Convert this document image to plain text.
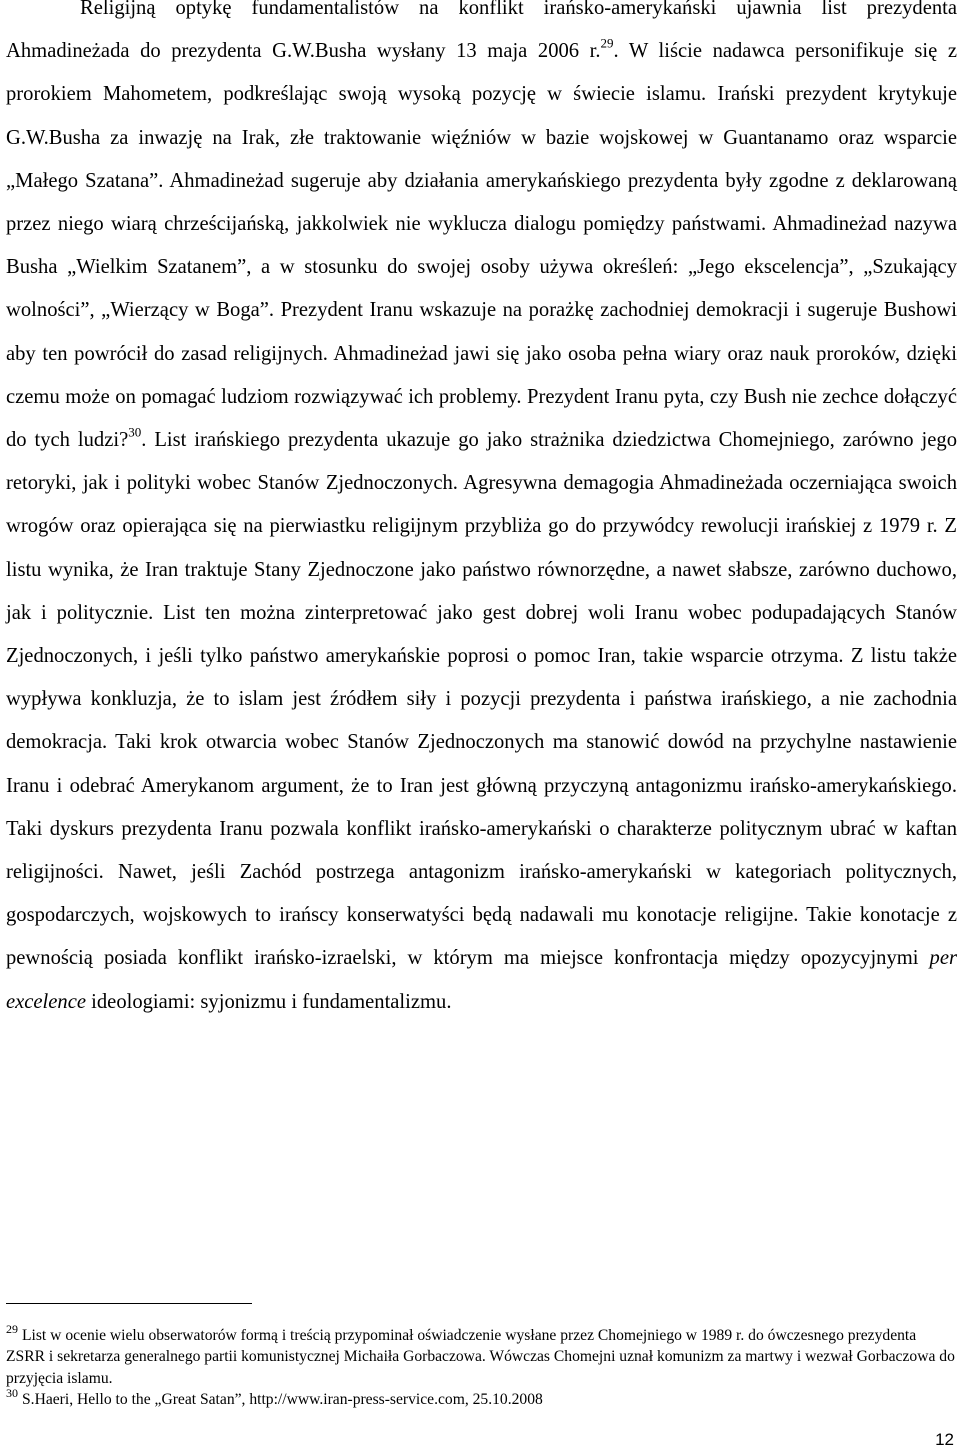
Religijną optykę fundamentalistów na konflikt irańsko-amerykański ujawnia list prezydenta Ahmadineżada do prezydenta G.W.Busha wysłany 13 maja 2006 r.$^{29}$. W liście nadawca personifikuje się z prorokiem Mahometem, podkreślając swoją wysoką pozycję w świecie islamu. Irański prezydent krytykuje G.W.Busha za inwazję na Irak, złe traktowanie więźniów w bazie wojskowej w Guantanamo oraz wsparcie „Małego Szatana”. Ahmadineżad sugeruje aby działania amerykańskiego prezydenta były zgodne z deklarowaną przez niego wiarą chrześcijańską, jakkolwiek nie wyklucza dialogu pomiędzy państwami. Ahmadineżad nazywa Busha „Wielkim Szatanem”, a w stosunku do swojej osoby używa określeń: „Jego ekscelencja”, „Szukający wolności”, „Wierzący w Boga”. Prezydent Iranu wskazuje na porażkę zachodniej demokracji i sugeruje Bushowi aby ten powrócił do zasad religijnych. Ahmadineżad jawi się jako osoba pełna wiary oraz nauk proroków, dzięki czemu może on pomagać ludziom rozwiązywać ich problemy. Prezydent Iranu pyta, czy Bush nie zechce dołączyć do tych ludzi?$^{30}$. List irańskiego prezydenta ukazuje go jako strażnika dziedzictwa Chomejniego, zarówno jego retoryki, jak i polityki wobec Stanów Zjednoczonych. Agresywna demagogia Ahmadineżada oczerniająca swoich wrogów oraz opierająca się na pierwiastku religijnym przybliża go do przywódcy rewolucji irańskiej z 1979 r. Z listu wynika, że Iran traktuje Stany Zjednoczone jako państwo równorzędne, a nawet słabsze, zarówno duchowo, jak i politycznie. List ten można zinterpretować jako gest dobrej woli Iranu wobec podupadających Stanów Zjednoczonych, i jeśli tylko państwo amerykańskie poprosi o pomoc Iran, takie wsparcie otrzyma. Z listu także wypływa konkluzja, że to islam jest źródłem siły i pozycji prezydenta i państwa irańskiego, a nie zachodnia demokracja. Taki krok otwarcia wobec Stanów Zjednoczonych ma stanowić dowód na przychylne nastawienie Iranu i odebrać Amerykanom argument, że to Iran jest główną przyczyną antagonizmu irańsko-amerykańskiego. Taki dyskurs prezydenta Iranu pozwala konflikt irańsko-amerykański o charakterze politycznym ubrać w kaftan religijności. Nawet, jeśli Zachód postrzega antagonizm irańsko-amerykański w kategoriach politycznych, gospodarczych, wojskowych to irańscy konserwatyści będą nadawali mu konotacje religijne. Takie konotacje z pewnością posiada konflikt irańsko-izraelski, w którym ma miejsce konfrontacja między opozycyjnymi per excelence ideologiami: syjonizmu i fundamentalizmu.

$^{29}$ List w ocenie wielu obserwatorów formą i treścią przypominał oświadczenie wysłane przez Chomejniego w 1989 r. do ówczesnego prezydenta ZSRR i sekretarza generalnego partii komunistycznej Michaiła Gorbaczowa. Wówczas Chomejni uznał komunizm za martwy i wezwał Gorbaczowa do przyjęcia islamu.

$^{30}$ S.Haeri, Hello to the „Great Satan”, http://www.iran-press-service.com, 25.10.2008

12
